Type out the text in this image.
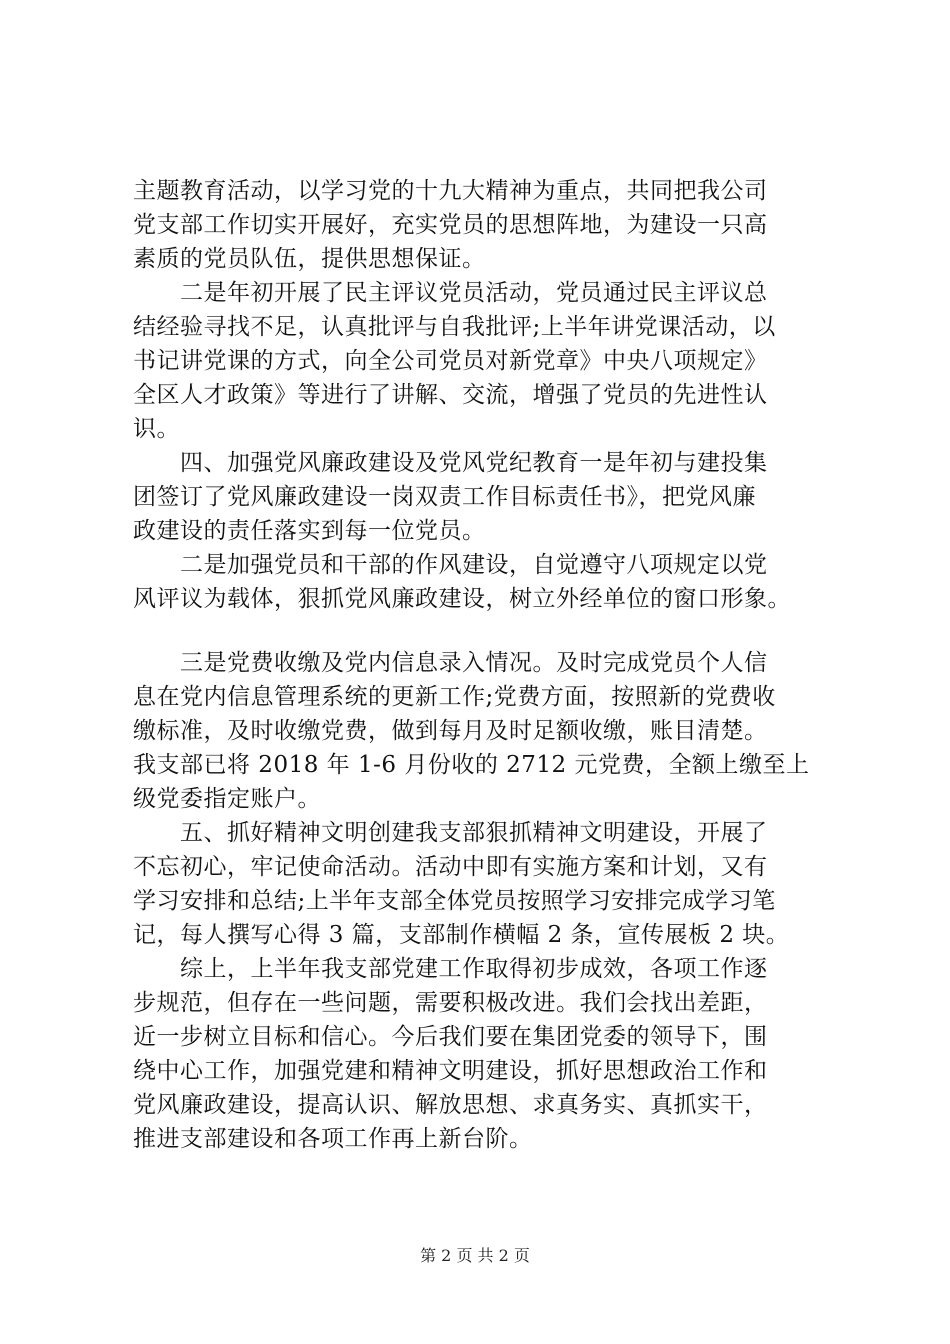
主题教育活动，以学习党的十九大精神为重点，共同把我公司
党支部工作切实开展好，充实党员的思想阵地，为建设一只高
素质的党员队伍，提供思想保证。
　　二是年初开展了民主评议党员活动，党员通过民主评议总
结经验寻找不足，认真批评与自我批评;上半年讲党课活动，以
书记讲党课的方式，向全公司党员对新党章》中央八项规定》
全区人才政策》等进行了讲解、交流，增强了党员的先进性认
识。
　　四、加强党风廉政建设及党风党纪教育一是年初与建投集
团签订了党风廉政建设一岗双责工作目标责任书》，把党风廉
政建设的责任落实到每一位党员。
　　二是加强党员和干部的作风建设，自觉遵守八项规定以党
风评议为载体，狠抓党风廉政建设，树立外经单位的窗口形象。
　　三是党费收缴及党内信息录入情况。及时完成党员个人信
息在党内信息管理系统的更新工作;党费方面，按照新的党费收
缴标准，及时收缴党费，做到每月及时足额收缴，账目清楚。
我支部已将 2018 年 1-6 月份收的 2712 元党费，全额上缴至上
级党委指定账户。
　　五、抓好精神文明创建我支部狠抓精神文明建设，开展了
不忘初心，牢记使命活动。活动中即有实施方案和计划，又有
学习安排和总结;上半年支部全体党员按照学习安排完成学习笔
记，每人撰写心得 3 篇，支部制作横幅 2 条，宣传展板 2 块。
　　综上，上半年我支部党建工作取得初步成效，各项工作逐
步规范，但存在一些问题，需要积极改进。我们会找出差距，
近一步树立目标和信心。今后我们要在集团党委的领导下，围
绕中心工作，加强党建和精神文明建设，抓好思想政治工作和
党风廉政建设，提高认识、解放思想、求真务实、真抓实干，
推进支部建设和各项工作再上新台阶。
第 2 页 共 2 页
